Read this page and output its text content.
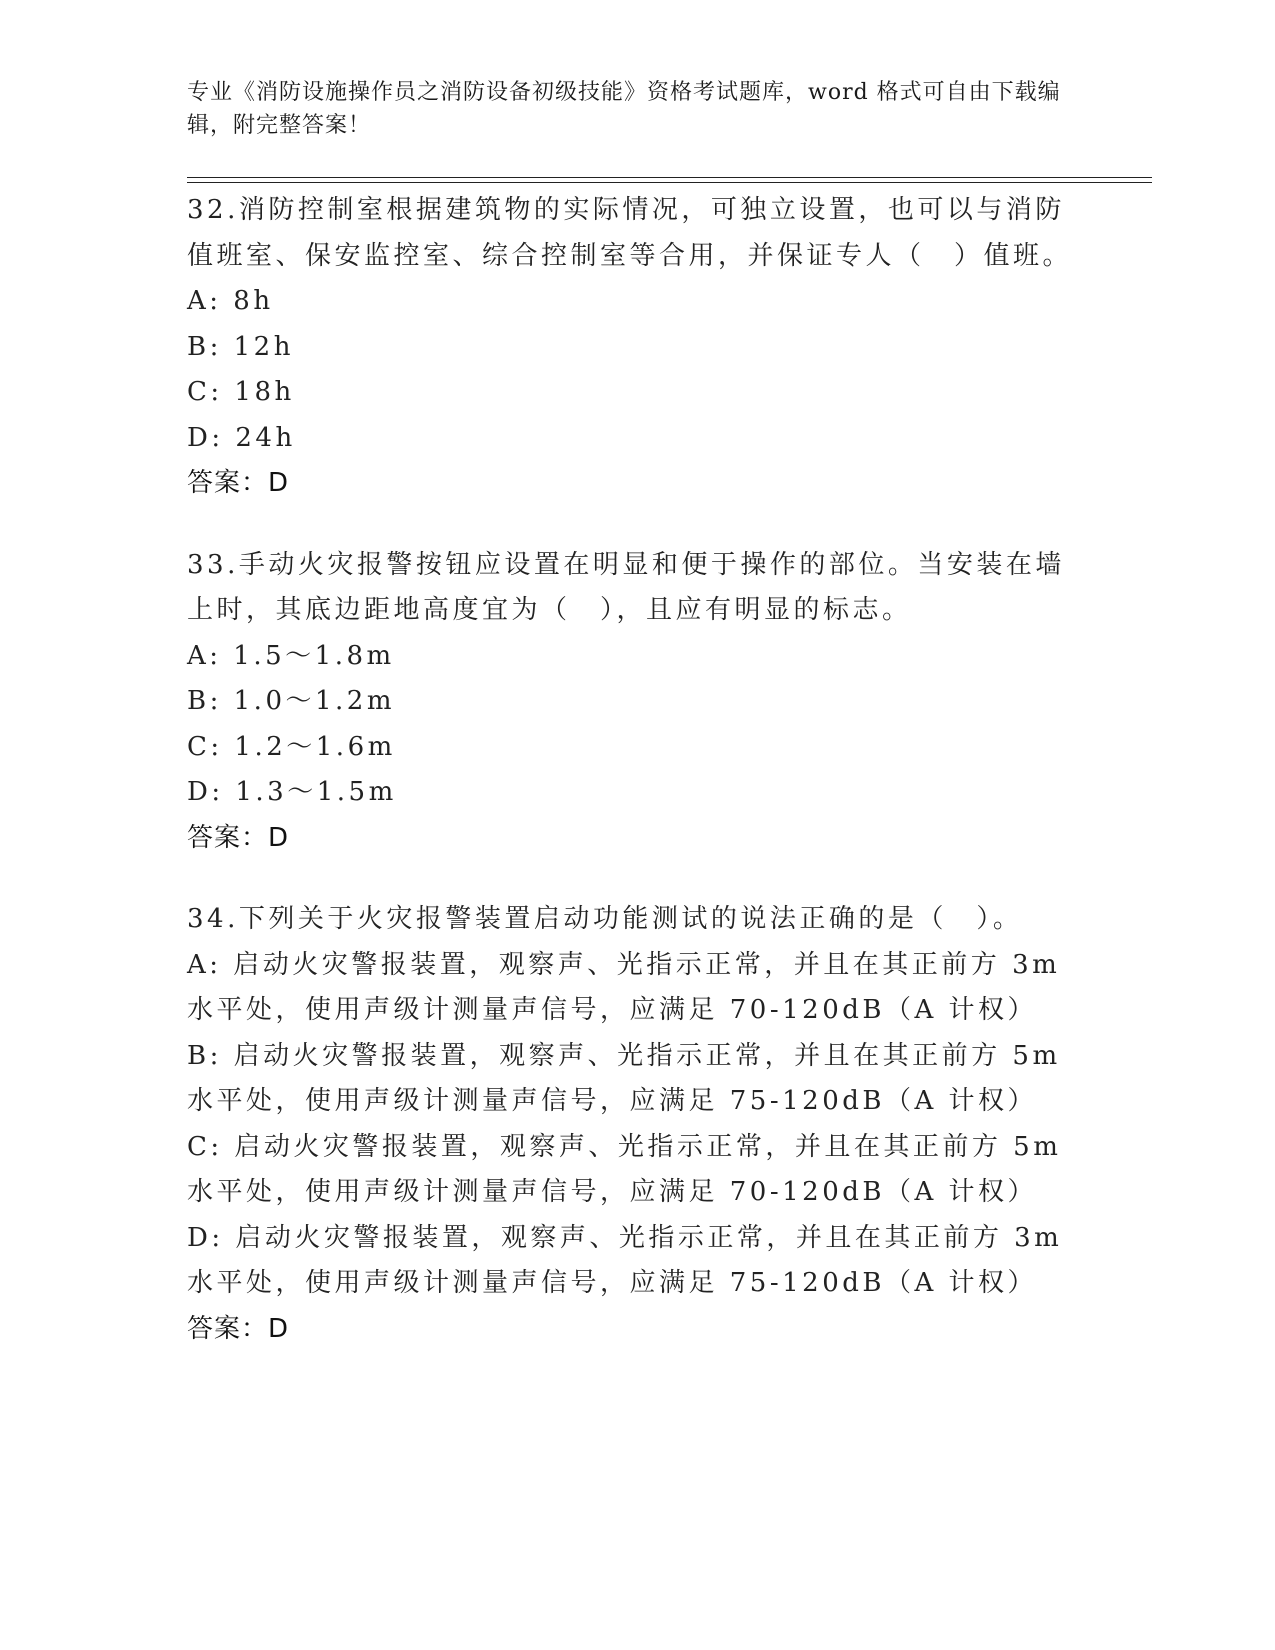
专业《消防设施操作员之消防设备初级技能》资格考试题库，word 格式可自由下载编辑，附完整答案！
32.消防控制室根据建筑物的实际情况，可独立设置，也可以与消防值班室、保安监控室、综合控制室等合用，并保证专人（　）值班。
A: 8h
B: 12h
C: 18h
D: 24h
答案：D
33.手动火灾报警按钮应设置在明显和便于操作的部位。当安装在墙上时，其底边距地高度宜为（　），且应有明显的标志。
A: 1.5～1.8m
B: 1.0～1.2m
C: 1.2～1.6m
D: 1.3～1.5m
答案：D
34.下列关于火灾报警装置启动功能测试的说法正确的是（　）。
A: 启动火灾警报装置，观察声、光指示正常，并且在其正前方 3m 水平处，使用声级计测量声信号，应满足 70-120dB（A 计权）
B: 启动火灾警报装置，观察声、光指示正常，并且在其正前方 5m 水平处，使用声级计测量声信号，应满足 75-120dB（A 计权）
C: 启动火灾警报装置，观察声、光指示正常，并且在其正前方 5m 水平处，使用声级计测量声信号，应满足 70-120dB（A 计权）
D: 启动火灾警报装置，观察声、光指示正常，并且在其正前方 3m 水平处，使用声级计测量声信号，应满足 75-120dB（A 计权）
答案：D
